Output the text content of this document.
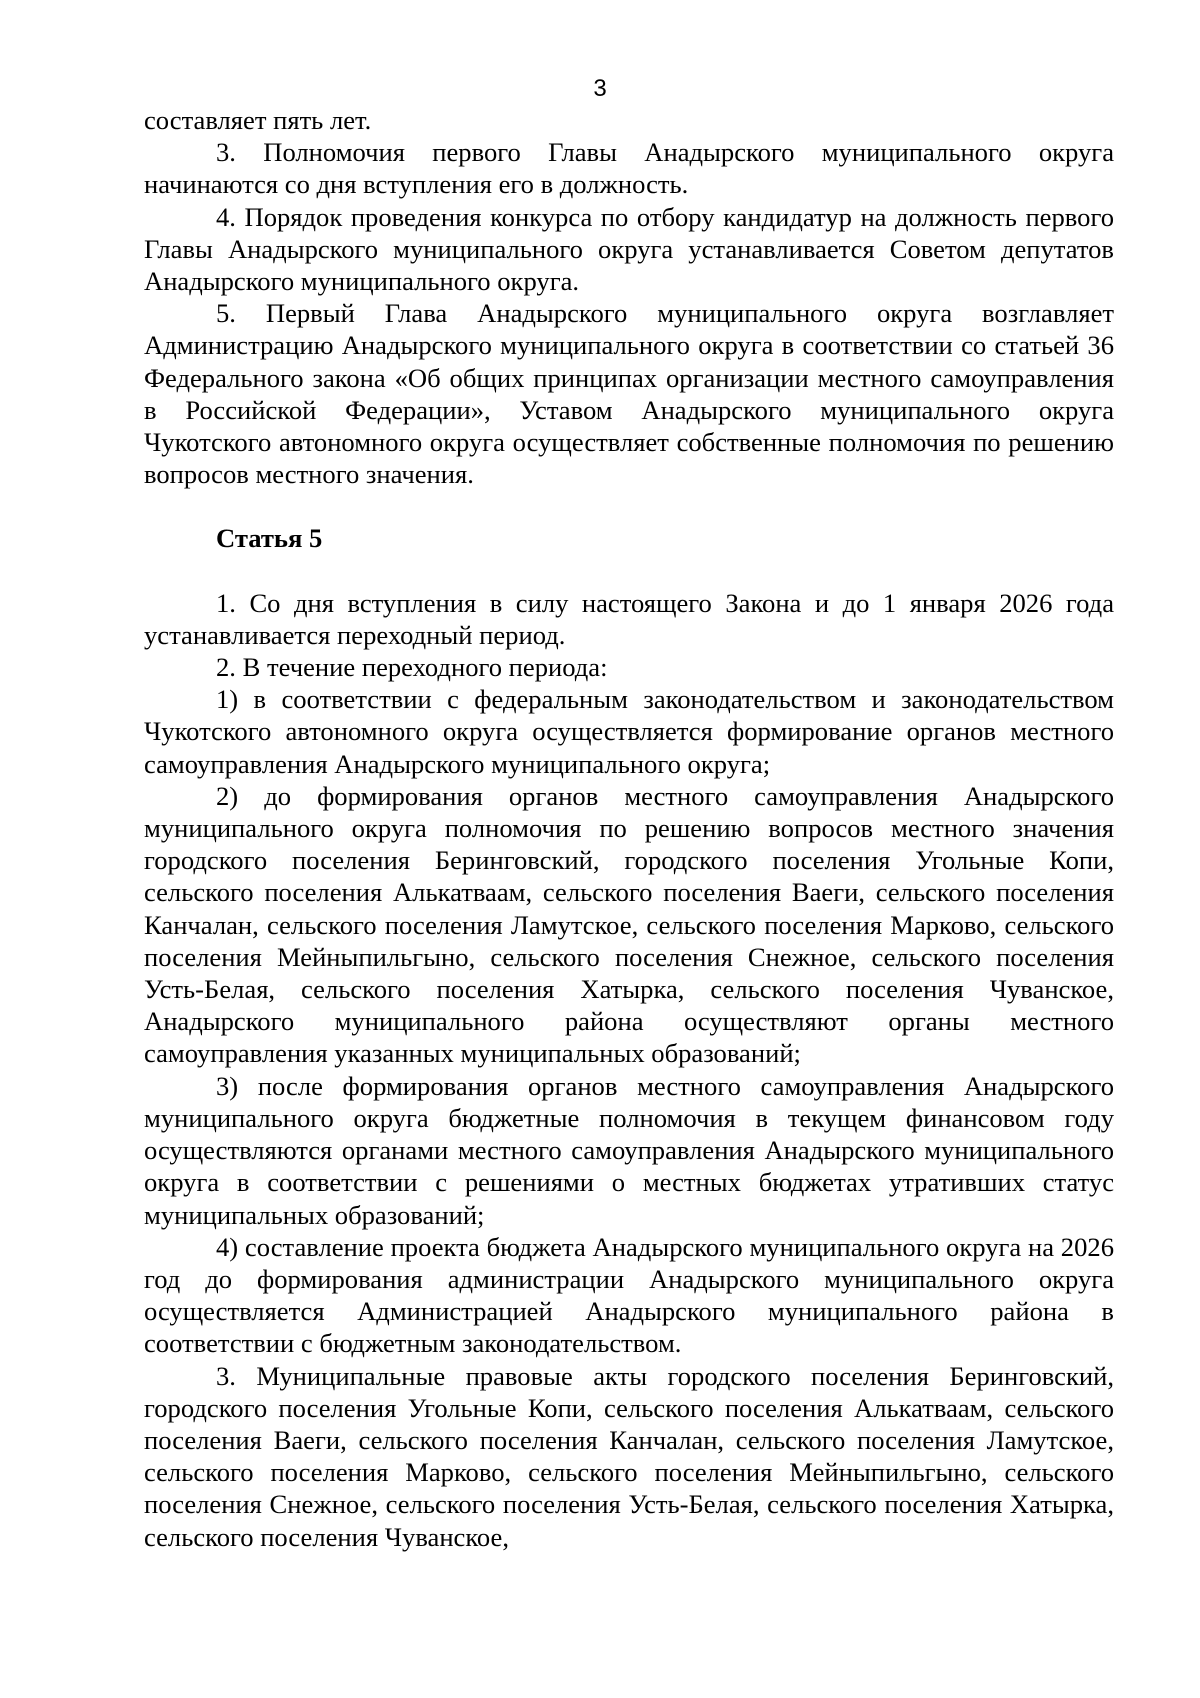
3

составляет пять лет.

3. Полномочия первого Главы Анадырского муниципального округа начинаются со дня вступления его в должность.

4. Порядок проведения конкурса по отбору кандидатур на должность первого Главы Анадырского муниципального округа устанавливается Советом депутатов Анадырского муниципального округа.

5. Первый Глава Анадырского муниципального округа возглавляет Администрацию Анадырского муниципального округа в соответствии со статьей 36 Федерального закона «Об общих принципах организации местного самоуправления в Российской Федерации», Уставом Анадырского муниципального округа Чукотского автономного округа осуществляет собственные полномочия по решению вопросов местного значения.

Статья 5

1. Со дня вступления в силу настоящего Закона и до 1 января 2026 года устанавливается переходный период.

2. В течение переходного периода:

1) в соответствии с федеральным законодательством и законодательством Чукотского автономного округа осуществляется формирование органов местного самоуправления Анадырского муниципального округа;

2) до формирования органов местного самоуправления Анадырского муниципального округа полномочия по решению вопросов местного значения городского поселения Беринговский, городского поселения Угольные Копи, сельского поселения Алькатваам, сельского поселения Ваеги, сельского поселения Канчалан, сельского поселения Ламутское, сельского поселения Марково, сельского поселения Мейныпильгыно, сельского поселения Снежное, сельского поселения Усть-Белая, сельского поселения Хатырка, сельского поселения Чуванское, Анадырского муниципального района осуществляют органы местного самоуправления указанных муниципальных образований;

3) после формирования органов местного самоуправления Анадырского муниципального округа бюджетные полномочия в текущем финансовом году осуществляются органами местного самоуправления Анадырского муниципального округа в соответствии с решениями о местных бюджетах утративших статус муниципальных образований;

4) составление проекта бюджета Анадырского муниципального округа на 2026 год до формирования администрации Анадырского муниципального округа осуществляется Администрацией Анадырского муниципального района в соответствии с бюджетным законодательством.

3. Муниципальные правовые акты городского поселения Беринговский, городского поселения Угольные Копи, сельского поселения Алькатваам, сельского поселения Ваеги, сельского поселения Канчалан, сельского поселения Ламутское, сельского поселения Марково, сельского поселения Мейныпильгыно, сельского поселения Снежное, сельского поселения Усть-Белая, сельского поселения Хатырка, сельского поселения Чуванское,
